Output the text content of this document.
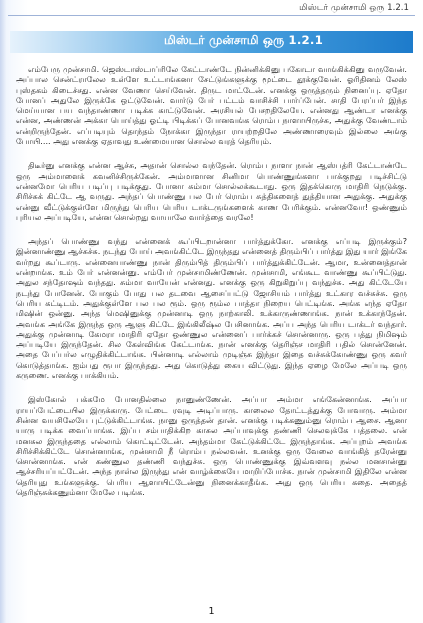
மிஸ்டர் முன்சாமி ஒரு 1.2.1
மிஸ்டர் முன்சாமி ஒரு 1.2.1

எம்பேரு முன்சாமி. ஜெஸ்டாஸ்டாப்ரிலே கேட்டாண்டே நின்னிக்கினு பகோடா வாங்கிக்கினு வருவேன். அப்பால சென்ட்ராலேல உள்ளே உட்டாங்கனா சேட்டுங்களுக்கு மூட்டை தூக்குவேன். ஓரிதினம் லேஸ் புஸ்தகம் கிடைச்சது. என்ன வேணா செய்வேன். திருட மாட்டேன். எனக்கு ஒருத்தரும் நினைப்பு. ஏதோ போனப் அதுலே இருக்கே ஒட்டுவேன். வார்டு பேர் பட்டம் வாசிச்சி பார்ப்பேன். சாதி பேரப்பர் இந்த மெய்யான பய வந்தாண்ணா படிக்க காட்டுவேன். அரசியல் பேசறதிலேயே. என்னது ஆண்டா எனக்கு என்ன, அண்ணன் அக்கா பொய்த்து ஓட்டி பிடிக்கப் போனவங்க ரொம்ப நாளாயிருச்சு, அதுக்கு வேண்டாம் என்றிருந்தேன். எப்படியும் தொந்தம் நோக்கா இருந்தா ராயற்றதிலே அண்ணாரைவும் இல்லை அங்கு போயி.... அது எனக்கு ஏதாவது உண்மையான சொல்ல வரத் தெரியும்.

திடீர்னு எனக்கு என்ன ஆச்சு, அதான் சொல்ல வந்தேன். ரொம்ப நாளா நான் ஆஸ்பத்ரி கேட்டாண்டே ஒரு அம்மாளைக் கவனிச்சிருக்கேன். அம்மாளான சினிமா பொண்ணுங்களா பாக்குறது படிச்சிட்டு என்னமோ பெரிய படிப்பு படிக்குது. போனா சும்மா சொல்லக்கூடாது. ஒரு இதக்கொரு மாதிரி நெடுக்கு. சிரிச்சுக் கிட்டே ஆ வருது. அந்தப் பொண்ணு பல பேர் ரொம்ப சுத்திகளைத் துத்தியான அதுக்கு. அதுக்கு என்னு வீட்டுக்குள்ளே மிருந்து பெரிய பெரிய டாக்டருங்களைக் காண பேரிக்கும். என்னவோ! ஒண்ணும் புரியல அப்படியே, என்ன சொல்றது வாயாலே வார்த்தை வரலே!

அந்தப் பொண்ணு வந்து என்னைக் கூப்பிடறான்னா பார்த்துக்கோ. எனக்கு எப்படி இருக்கும்? இன்னாண்ணு ஆச்சுச்சு. நடந்து போய் அவங்கிட்டே இருந்தது என்னைத் திரும்பிப் பார்த்து இது யார் இங்கே வர்றது கூப்டாரு. என்னையாண்ணு நான் திரும்பித் திரும்பிப் பார்த்துக்கிட்டேன். ஆமா, உன்னைத்தான் என்றாங்க. உம் பேர் என்னன்னு. எம்பேர் முன்சாமிண்ணேன். முன்சாமி, எங்கூட வாண்ணு கூப்பிட்டுது. அதுல சந்தோஷம் வந்தது. சும்மா வாயேன் என்னது. எனக்கு ஒரு கிறுகிறுப்பு வந்துச்சு. அது கிட்டேயே நடந்து போனேன். போகும் போது பல தடவை ஆசைப்பட்டு ஜோசியம் பார்த்து உட்கார வச்சுச்சு. ஒரு பெரிய கட்டிடம். அதுக்குள்ளே பல பல ரூம். ஒரு ரூம்ல பாத்தா நிறைய பெட்டிங்க. அங்க எந்த ஏதோ மிஷின் ஒன்னு. அந்த மெஷினுக்கு முன்னாடி ஒரு நாற்காலி. உக்காருண்ணாங்க. நான் உக்காந்தேன். அவங்க அங்கே இருந்த ஒரு ஆளு கிட்டே இங்கிலீஷ்ல பேசினாங்க. அப்ப அந்த பெரிய டாக்டர் வந்தார். அதுக்கு முன்னாடி கேமரா மாதிரி ஏதோ ஒண்ணுல என்னைப் பார்க்கச் சொன்னாரு. ஒரு பத்து நிமிஷம் அப்படியே இருந்தேன். சில கேள்விங்க கேட்டாங்க. நான் எனக்கு தெரிஞ்ச மாதிரி பதில் சொன்னேன். அதை பேப்பர்ல எழுதிக்கிட்டாங்க. பின்னாடி எல்லாம் முடிஞ்சு இந்தா இதை வச்சுக்கோண்ணு ஒரு கவர் கொடுத்தாங்க. ஐம்பது ரூபா இருந்தது. அது கொடுத்து கைய விட்டுது. இந்த ஏழை மேலே அப்படி ஒரு கருணை. எனக்கு பாக்கியம்.

இஸ்கோல் பக்கமே போனதில்லை நானுண்ணேன். அப்பா அம்மா எங்கேன்னாங்க. அப்பா ராயப்பேட்டையில இருக்காரு. பேட்டை ரவுடி அடிப்பாரு. காலைல தோட்டத்துக்கு போவாரு. அம்மா சின்ன வயசிலேயே புட்டுக்கிட்டாங்க. நானு ஒருத்தன் தான். எனக்கு படிக்கணும்னு ரொம்ப ஆசை. ஆனா யாரு படிக்க வைப்பாங்க. இப்ப சம்பாதிக்கிற காசுல அப்பாவுக்கு தண்ணி செலவுக்கே பத்தலை. என் மனசுல இருந்ததை எல்லாம் கொட்டிட்டேன். அந்தம்மா கேட்டுக்கிட்டே இருந்தாங்க. அப்புறம் அவங்க சிரிச்சிக்கிட்டே சொன்னாங்க, முன்சாமி நீ ரொம்ப நல்லவன். உனக்கு ஒரு வேலை வாங்கித் தரேன்னு சொன்னாங்க. என் கண்ணுல தண்ணி வந்துச்சு. ஒரு பொண்ணுக்கு இவ்வளவு நல்ல மனசான்னு ஆச்சரியப்பட்டேன். அந்த நாள்ல இருந்து என் வாழ்க்கையே மாறிப்போச்சு. நான் முன்சாமி இதிலே என்ன தெரியுது உங்களுக்கு. பெரிய ஆளாயிட்டேன்னு நினைக்காதீங்க. அது ஒரு பெரிய கதை. அதைத் தெரிஞ்சுக்கணும்னா மேலே படிங்க.

1
